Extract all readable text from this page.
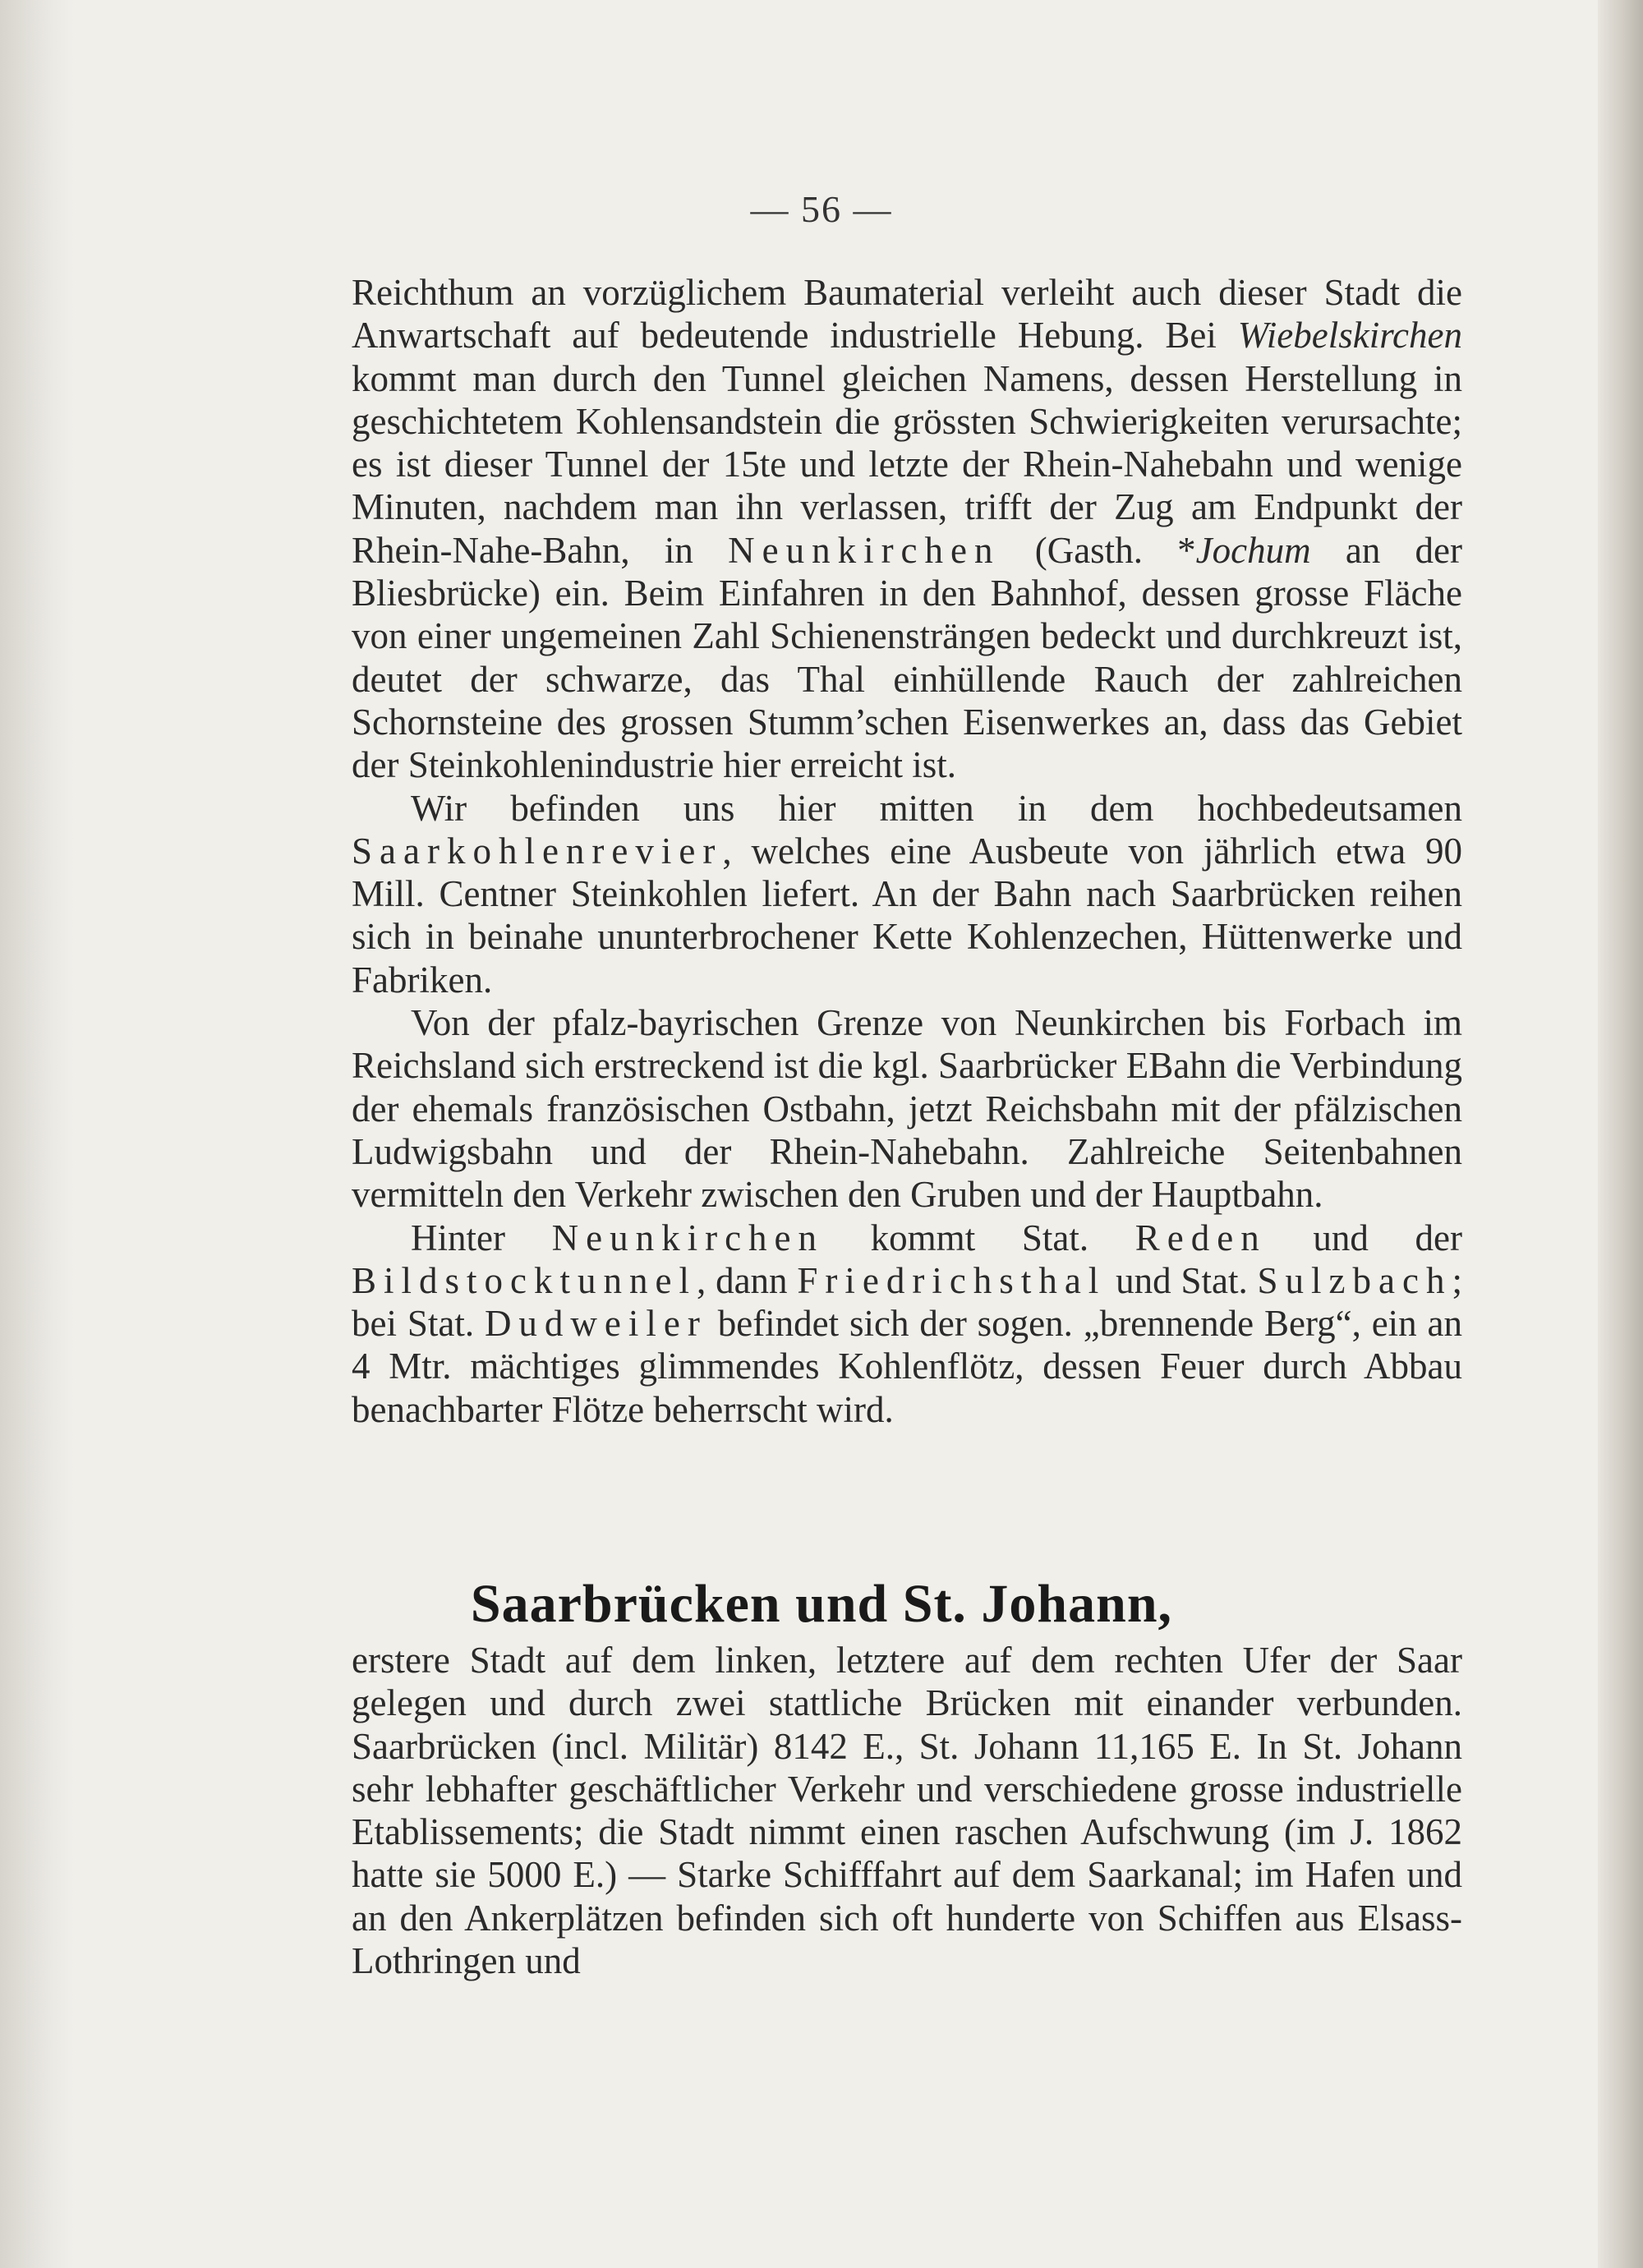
— 56 —

Reichthum an vorzüglichem Baumaterial verleiht auch dieser Stadt die Anwartschaft auf bedeutende industrielle Hebung. Bei Wiebelskirchen kommt man durch den Tunnel gleichen Namens, dessen Herstellung in geschichtetem Kohlensandstein die grössten Schwierigkeiten verursachte; es ist dieser Tunnel der 15te und letzte der Rhein-Nahebahn und wenige Minuten, nachdem man ihn verlassen, trifft der Zug am Endpunkt der Rhein-Nahe-Bahn, in Neunkirchen (Gasth. *Jochum an der Bliesbrücke) ein. Beim Einfahren in den Bahnhof, dessen grosse Fläche von einer ungemeinen Zahl Schienensträngen bedeckt und durchkreuzt ist, deutet der schwarze, das Thal einhüllende Rauch der zahlreichen Schornsteine des grossen Stumm’schen Eisenwerkes an, dass das Gebiet der Steinkohlenindustrie hier erreicht ist.

Wir befinden uns hier mitten in dem hochbedeutsamen Saarkohlenrevier, welches eine Ausbeute von jährlich etwa 90 Mill. Centner Steinkohlen liefert. An der Bahn nach Saarbrücken reihen sich in beinahe ununterbrochener Kette Kohlenzechen, Hüttenwerke und Fabriken.

Von der pfalz-bayrischen Grenze von Neunkirchen bis Forbach im Reichsland sich erstreckend ist die kgl. Saarbrücker EBahn die Verbindung der ehemals französischen Ostbahn, jetzt Reichsbahn mit der pfälzischen Ludwigsbahn und der Rhein-Nahebahn. Zahlreiche Seitenbahnen vermitteln den Verkehr zwischen den Gruben und der Hauptbahn.

Hinter Neunkirchen kommt Stat. Reden und der Bildstocktunnel, dann Friedrichsthal und Stat. Sulzbach; bei Stat. Dudweiler befindet sich der sogen. „brennende Berg“, ein an 4 Mtr. mächtiges glimmendes Kohlenflötz, dessen Feuer durch Abbau benachbarter Flötze beherrscht wird.

Saarbrücken und St. Johann,

erstere Stadt auf dem linken, letztere auf dem rechten Ufer der Saar gelegen und durch zwei stattliche Brücken mit einander verbunden. Saarbrücken (incl. Militär) 8142 E., St. Johann 11,165 E. In St. Johann sehr lebhafter geschäftlicher Verkehr und verschiedene grosse industrielle Etablissements; die Stadt nimmt einen raschen Aufschwung (im J. 1862 hatte sie 5000 E.) — Starke Schifffahrt auf dem Saarkanal; im Hafen und an den Ankerplätzen befinden sich oft hunderte von Schiffen aus Elsass-Lothringen und
